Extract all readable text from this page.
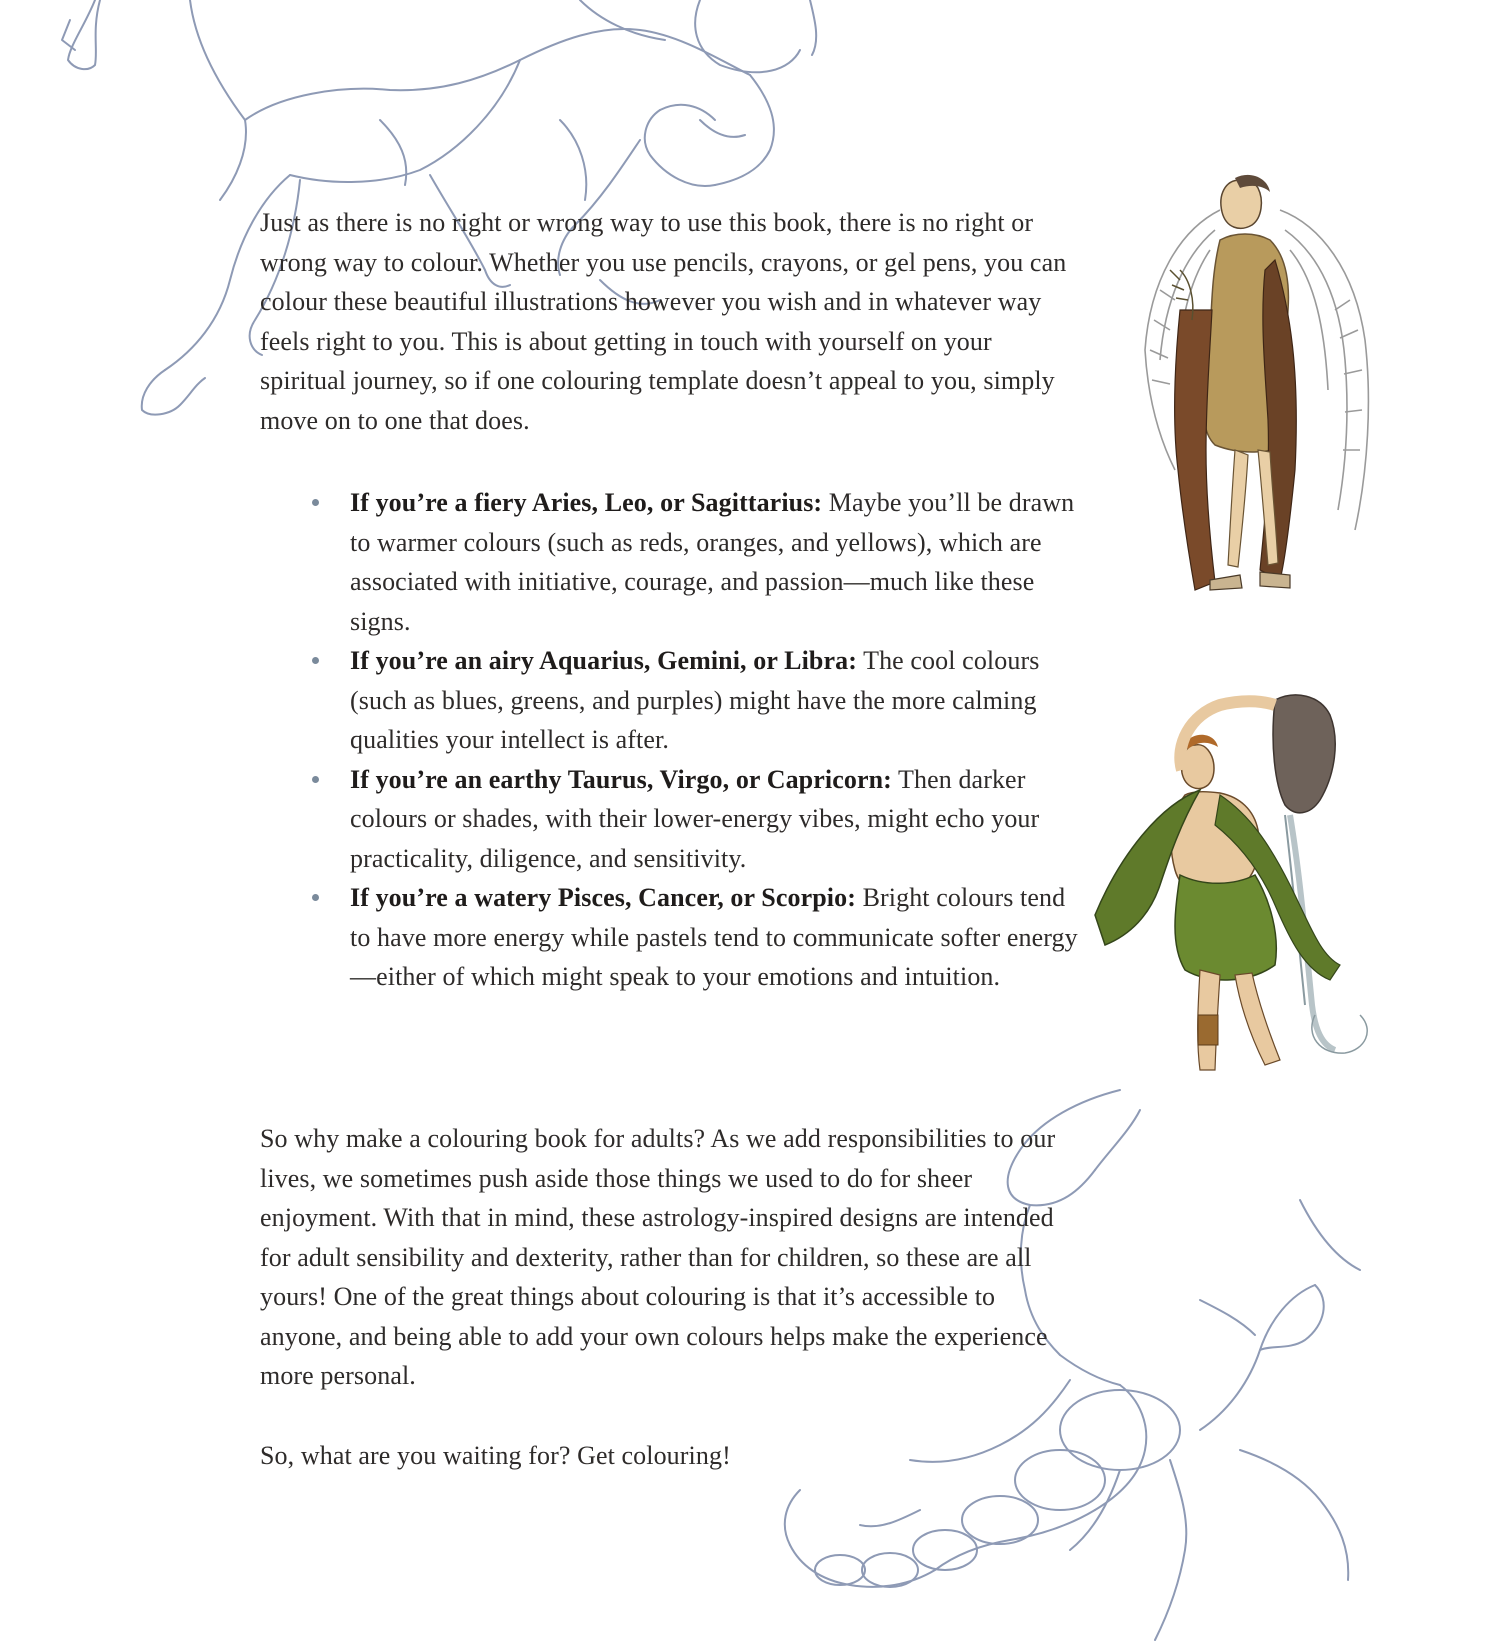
Just as there is no right or wrong way to use this book, there is no right or wrong way to colour. Whether you use pencils, crayons, or gel pens, you can colour these beautiful illustrations however you wish and in whatever way feels right to you. This is about getting in touch with yourself on your spiritual journey, so if one colouring template doesn’t appeal to you, simply move on to one that does.

If you’re a fiery Aries, Leo, or Sagittarius: Maybe you’ll be drawn to warmer colours (such as reds, oranges, and yellows), which are associated with initiative, courage, and passion—much like these signs.
If you’re an airy Aquarius, Gemini, or Libra: The cool colours (such as blues, greens, and purples) might have the more calming qualities your intellect is after.
If you’re an earthy Taurus, Virgo, or Capricorn: Then darker colours or shades, with their lower-energy vibes, might echo your practicality, diligence, and sensitivity.
If you’re a watery Pisces, Cancer, or Scorpio: Bright colours tend to have more energy while pastels tend to communicate softer energy—either of which might speak to your emotions and intuition.

So why make a colouring book for adults? As we add responsibilities to our lives, we sometimes push aside those things we used to do for sheer enjoyment. With that in mind, these astrology-inspired designs are intended for adult sensibility and dexterity, rather than for children, so these are all yours! One of the great things about colouring is that it’s accessible to anyone, and being able to add your own colours helps make the experience more personal.

So, what are you waiting for? Get colouring!
